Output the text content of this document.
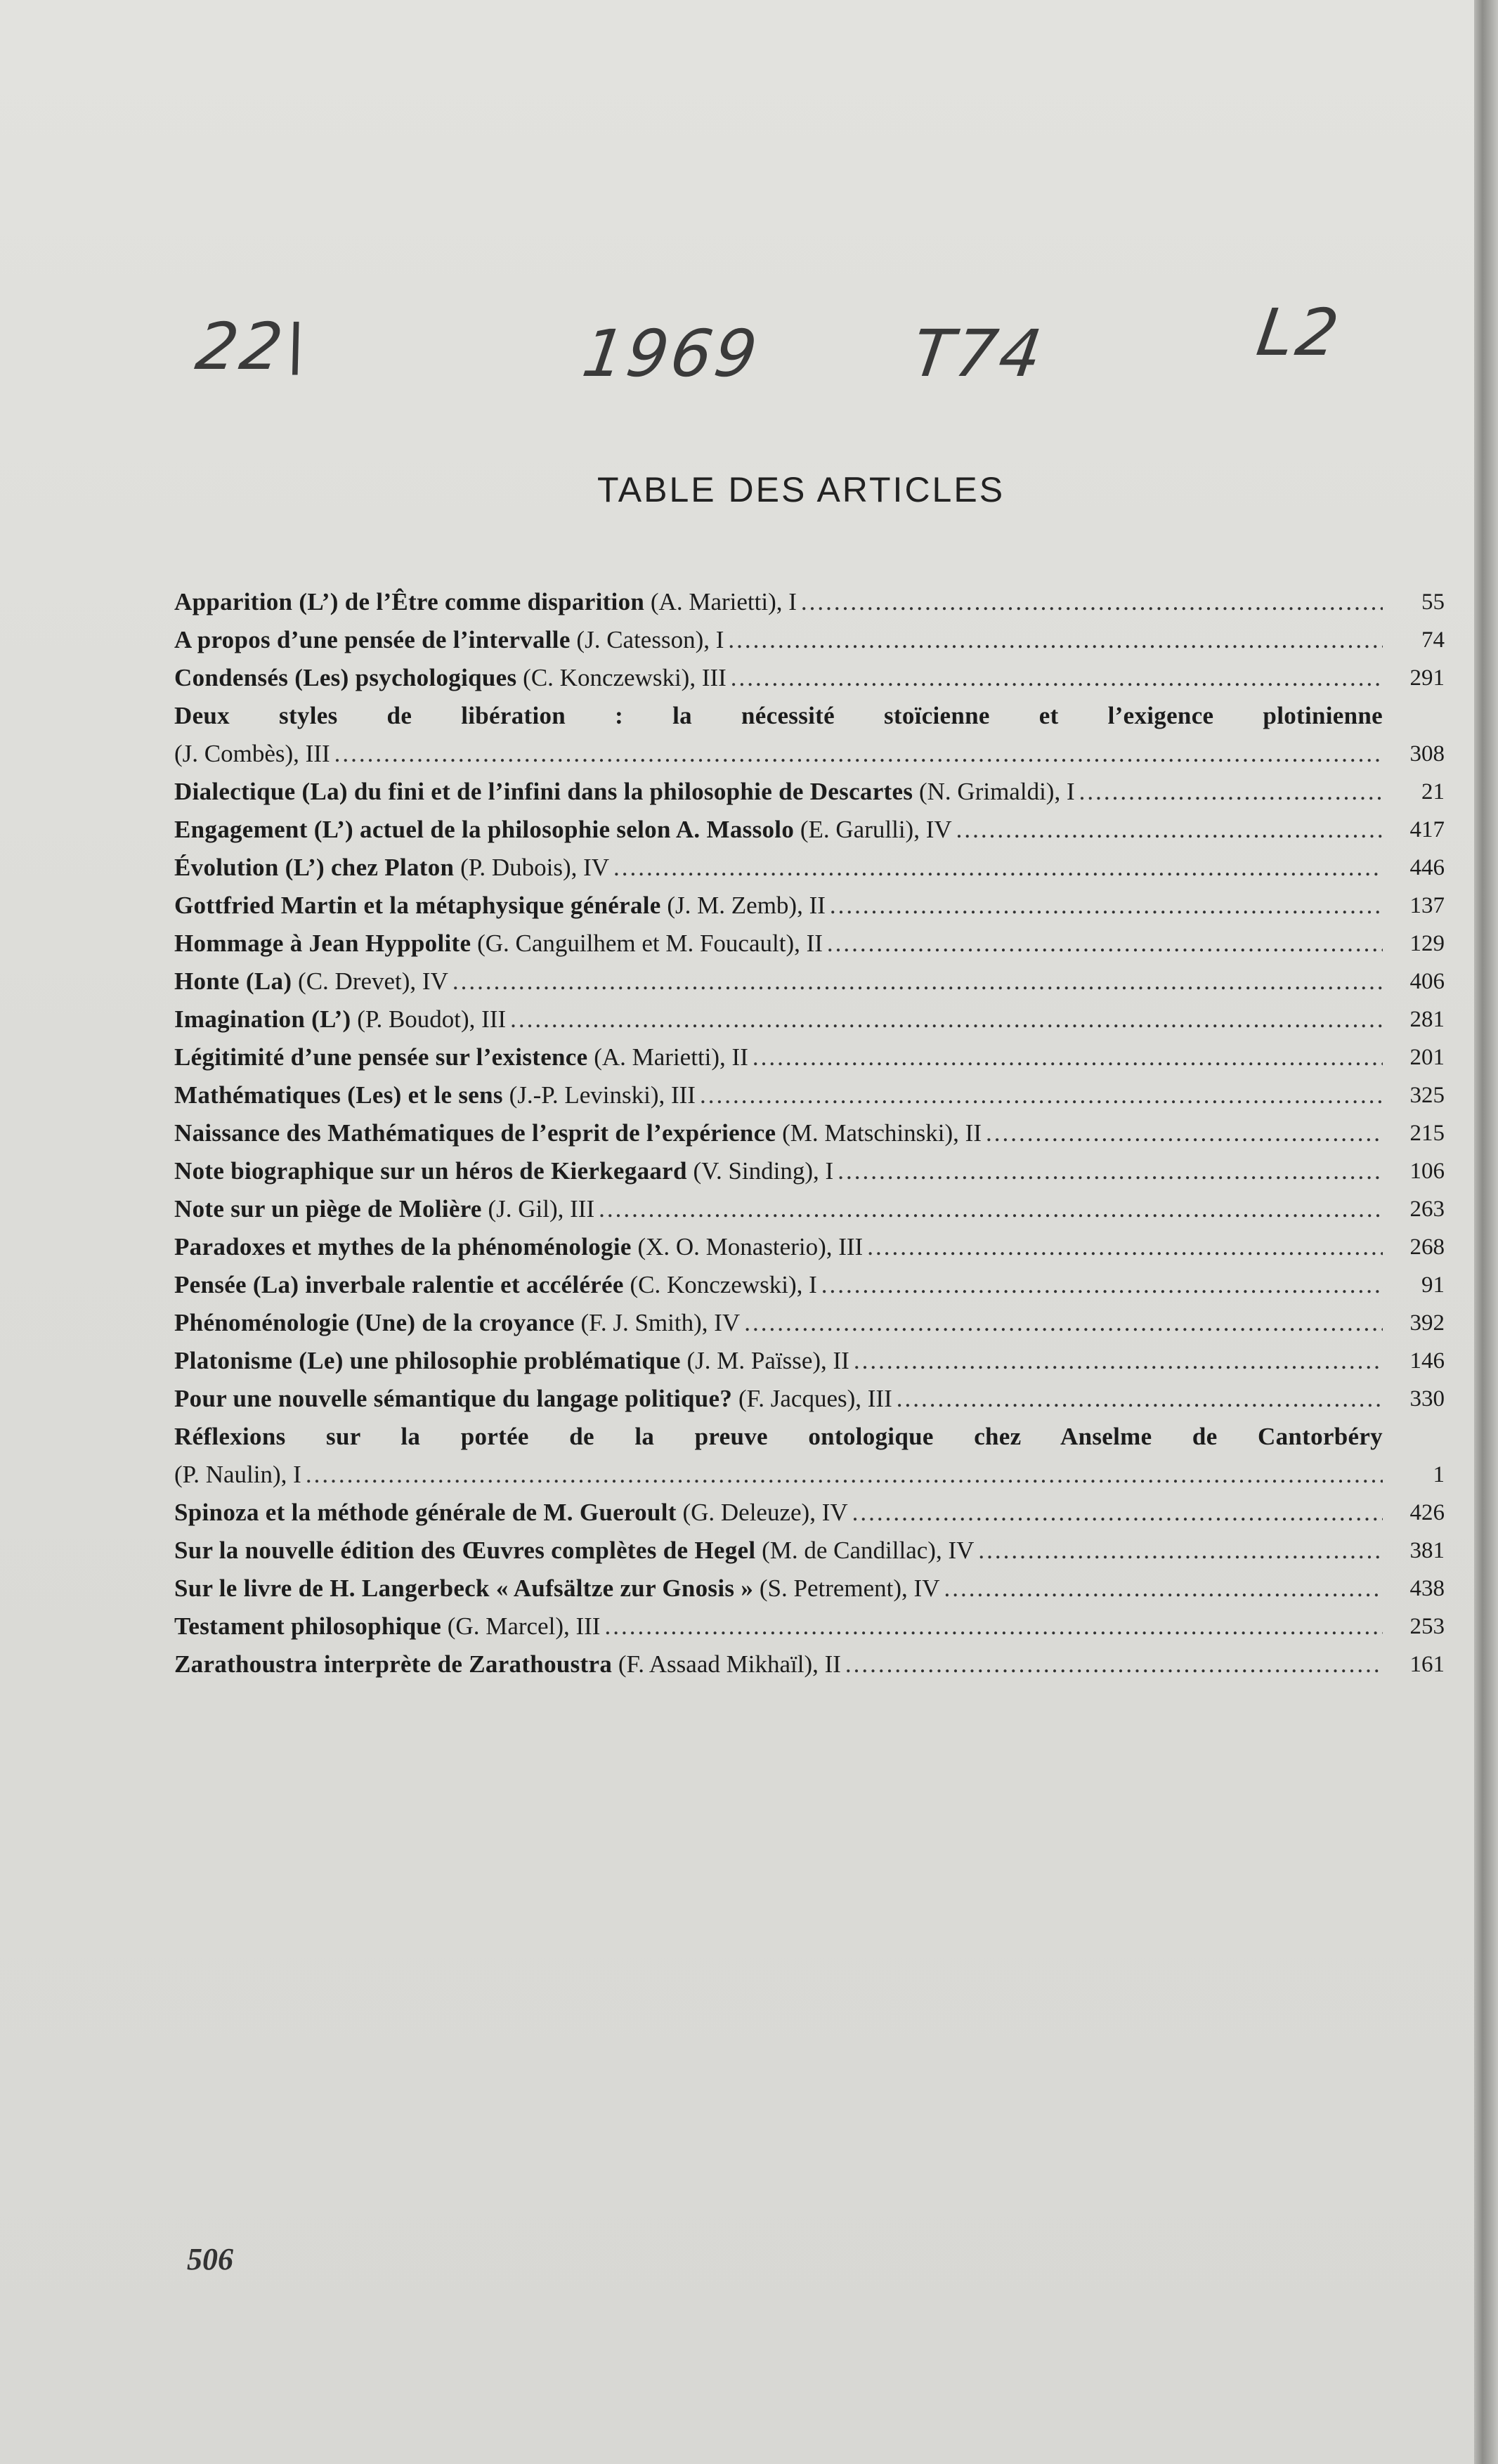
22\	1969 T74	L2
TABLE DES ARTICLES
Apparition (L’) de l’Être comme disparition (A. Marietti), I .....	55
A propos d’une pensée de l’intervalle (J. Catesson), I .....	74
Condensés (Les) psychologiques (C. Konczewski), III .....	291
Deux styles de libération : la nécessité stoïcienne et l’exigence plotinienne
(J. Combès), III .....	308
Dialectique (La) du fini et de l’infini dans la philosophie de Descartes (N. Grimaldi), I .....	21
Engagement (L’) actuel de la philosophie selon A. Massolo (E. Garulli), IV .....	417
Évolution (L’) chez Platon (P. Dubois), IV .....	446
Gottfried Martin et la métaphysique générale (J. M. Zemb), II .....	137
Hommage à Jean Hyppolite (G. Canguilhem et M. Foucault), II .....	129
Honte (La) (C. Drevet), IV .....	406
Imagination (L’) (P. Boudot), III .....	281
Légitimité d’une pensée sur l’existence (A. Marietti), II .....	201
Mathématiques (Les) et le sens (J.-P. Levinski), III .....	325
Naissance des Mathématiques de l’esprit de l’expérience (M. Matschinski), II .....	215
Note biographique sur un héros de Kierkegaard (V. Sinding), I .....	106
Note sur un piège de Molière (J. Gil), III .....	263
Paradoxes et mythes de la phénoménologie (X. O. Monasterio), III .....	268
Pensée (La) inverbale ralentie et accélérée (C. Konczewski), I .....	91
Phénoménologie (Une) de la croyance (F. J. Smith), IV .....	392
Platonisme (Le) une philosophie problématique (J. M. Païsse), II .....	146
Pour une nouvelle sémantique du langage politique? (F. Jacques), III .....	330
Réflexions sur la portée de la preuve ontologique chez Anselme de Cantorbéry
(P. Naulin), I .....	1
Spinoza et la méthode générale de M. Gueroult (G. Deleuze), IV .....	426
Sur la nouvelle édition des Œuvres complètes de Hegel (M. de Candillac), IV .....	381
Sur le livre de H. Langerbeck « Aufsältze zur Gnosis » (S. Petrement), IV .....	438
Testament philosophique (G. Marcel), III .....	253
Zarathoustra interprète de Zarathoustra (F. Assaad Mikhaïl), II .....	161
506
